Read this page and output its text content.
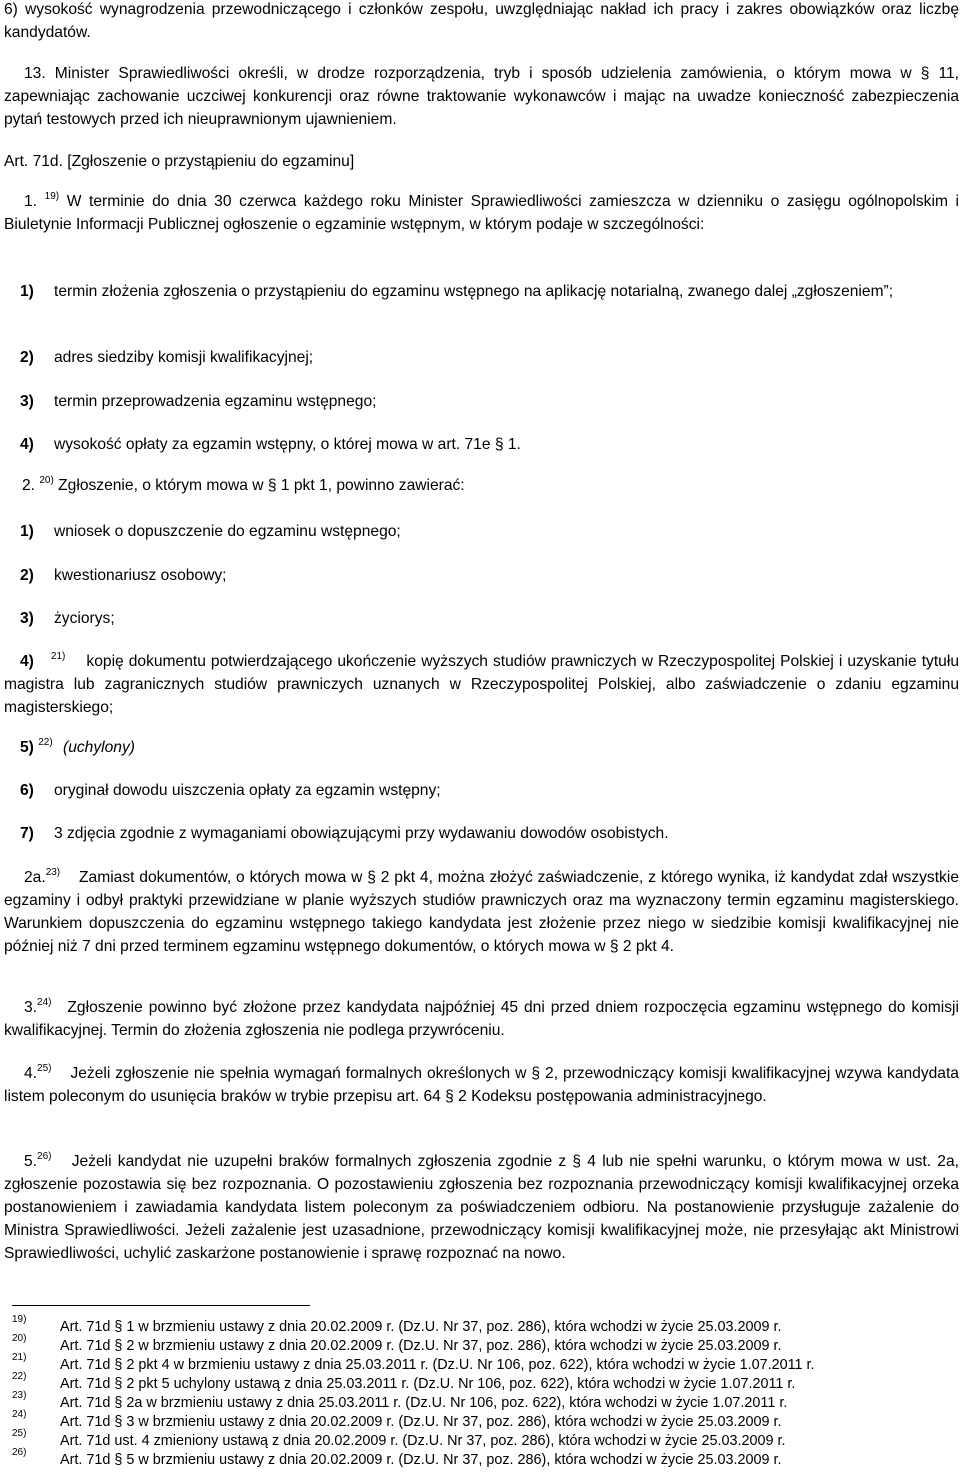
6) wysokość wynagrodzenia przewodniczącego i członków zespołu, uwzględniając nakład ich pracy i zakres obowiązków oraz liczbę kandydatów.

13. Minister Sprawiedliwości określi, w drodze rozporządzenia, tryb i sposób udzielenia zamówienia, o którym mowa w § 11, zapewniając zachowanie uczciwej konkurencji oraz równe traktowanie wykonawców i mając na uwadze konieczność zabezpieczenia pytań testowych przed ich nieuprawnionym ujawnieniem.

Art. 71d. [Zgłoszenie o przystąpieniu do egzaminu]

1. $^{19)}$ W terminie do dnia 30 czerwca każdego roku Minister Sprawiedliwości zamieszcza w dzienniku o zasięgu ogólnopolskim i Biuletynie Informacji Publicznej ogłoszenie o egzaminie wstępnym, w którym podaje w szczególności:

1) termin złożenia zgłoszenia o przystąpieniu do egzaminu wstępnego na aplikację notarialną, zwanego dalej „zgłoszeniem”;
2) adres siedziby komisji kwalifikacyjnej;
3) termin przeprowadzenia egzaminu wstępnego;
4) wysokość opłaty za egzamin wstępny, o której mowa w art. 71e § 1.

2. $^{20)}$ Zgłoszenie, o którym mowa w § 1 pkt 1, powinno zawierać:

1) wniosek o dopuszczenie do egzaminu wstępnego;
2) kwestionariusz osobowy;
3) życiorys;

4) $^{21)}$ kopię dokumentu potwierdzającego ukończenie wyższych studiów prawniczych w Rzeczypospolitej Polskiej i uzyskanie tytułu magistra lub zagranicznych studiów prawniczych uznanych w Rzeczypospolitej Polskiej, albo zaświadczenie o zdaniu egzaminu magisterskiego;

5) $^{22)}$ (uchylony)
6) oryginał dowodu uiszczenia opłaty za egzamin wstępny;
7) 3 zdjęcia zgodnie z wymaganiami obowiązującymi przy wydawaniu dowodów osobistych.

2a.$^{23)}$ Zamiast dokumentów, o których mowa w § 2 pkt 4, można złożyć zaświadczenie, z którego wynika, iż kandydat zdał wszystkie egzaminy i odbył praktyki przewidziane w planie wyższych studiów prawniczych oraz ma wyznaczony termin egzaminu magisterskiego. Warunkiem dopuszczenia do egzaminu wstępnego takiego kandydata jest złożenie przez niego w siedzibie komisji kwalifikacyjnej nie później niż 7 dni przed terminem egzaminu wstępnego dokumentów, o których mowa w § 2 pkt 4.

3.$^{24)}$ Zgłoszenie powinno być złożone przez kandydata najpóźniej 45 dni przed dniem rozpoczęcia egzaminu wstępnego do komisji kwalifikacyjnej. Termin do złożenia zgłoszenia nie podlega przywróceniu.

4.$^{25)}$ Jeżeli zgłoszenie nie spełnia wymagań formalnych określonych w § 2, przewodniczący komisji kwalifikacyjnej wzywa kandydata listem poleconym do usunięcia braków w trybie przepisu art. 64 § 2 Kodeksu postępowania administracyjnego.

5.$^{26)}$ Jeżeli kandydat nie uzupełni braków formalnych zgłoszenia zgodnie z § 4 lub nie spełni warunku, o którym mowa w ust. 2a, zgłoszenie pozostawia się bez rozpoznania. O pozostawieniu zgłoszenia bez rozpoznania przewodniczący komisji kwalifikacyjnej orzeka postanowieniem i zawiadamia kandydata listem poleconym za poświadczeniem odbioru. Na postanowienie przysługuje zażalenie do Ministra Sprawiedliwości. Jeżeli zażalenie jest uzasadnione, przewodniczący komisji kwalifikacyjnej może, nie przesyłając akt Ministrowi Sprawiedliwości, uchylić zaskarżone postanowienie i sprawę rozpoznać na nowo.

19) Art. 71d § 1 w brzmieniu ustawy z dnia 20.02.2009 r. (Dz.U. Nr 37, poz. 286), która wchodzi w życie 25.03.2009 r.
20) Art. 71d § 2 w brzmieniu ustawy z dnia 20.02.2009 r. (Dz.U. Nr 37, poz. 286), która wchodzi w życie 25.03.2009 r.
21) Art. 71d § 2 pkt 4 w brzmieniu ustawy z dnia 25.03.2011 r. (Dz.U. Nr 106, poz. 622), która wchodzi w życie 1.07.2011 r.
22) Art. 71d § 2 pkt 5 uchylony ustawą z dnia 25.03.2011 r. (Dz.U. Nr 106, poz. 622), która wchodzi w życie 1.07.2011 r.
23) Art. 71d § 2a w brzmieniu ustawy z dnia 25.03.2011 r. (Dz.U. Nr 106, poz. 622), która wchodzi w życie 1.07.2011 r.
24) Art. 71d § 3 w brzmieniu ustawy z dnia 20.02.2009 r. (Dz.U. Nr 37, poz. 286), która wchodzi w życie 25.03.2009 r.
25) Art. 71d ust. 4 zmieniony ustawą z dnia 20.02.2009 r. (Dz.U. Nr 37, poz. 286), która wchodzi w życie 25.03.2009 r.
26) Art. 71d § 5 w brzmieniu ustawy z dnia 20.02.2009 r. (Dz.U. Nr 37, poz. 286), która wchodzi w życie 25.03.2009 r.
